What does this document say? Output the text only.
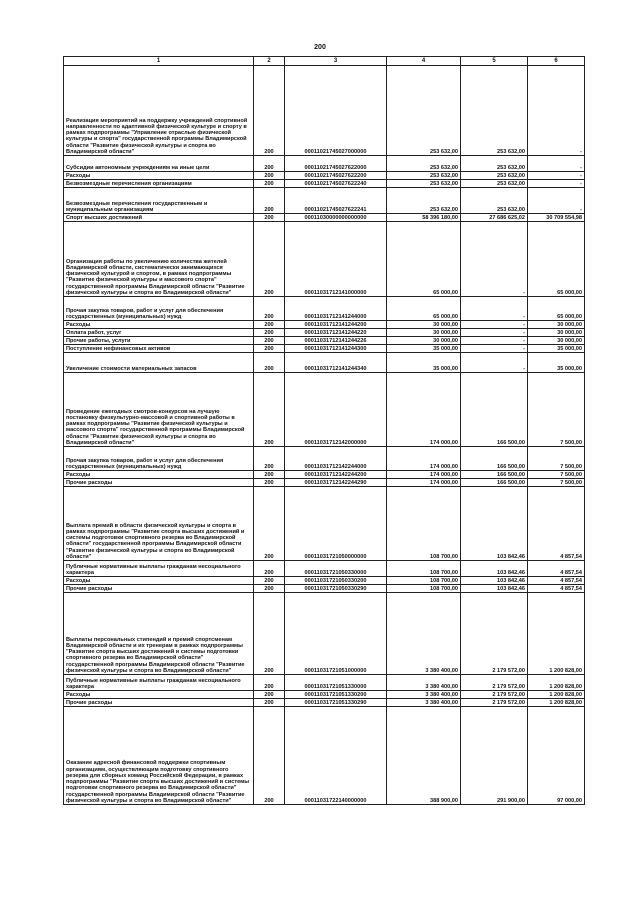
200
1	2	3	4	5	6
Реализация мероприятий на поддержку учреждений спортивной направленности по адаптивной физической культуре и спорту в рамках подпрограммы "Управление отраслью физической культуры и спорта" государственной программы Владимирской области "Развитие физической культуры и спорта во Владимирской области"	200	00011021745027000000	253 632,00	253 632,00	-
Субсидии автономным учреждениям на иные цели	200	00011021745027622000	253 632,00	253 632,00	-
Расходы	200	00011021745027622200	253 632,00	253 632,00	-
Безвозмездные перечисления организациям	200	00011021745027622240	253 632,00	253 632,00	-
Безвозмездные перечисления государственным и муниципальным организациям	200	00011021745027622241	253 632,00	253 632,00	-
Спорт высших достижений	200	00011030000000000000	58 396 180,00	27 686 625,02	30 709 554,98
Организация работы по увеличению количества жителей Владимирской области, систематически занимающихся физической культурой и спортом, в рамках подпрограммы "Развитие физической культуры и массового спорта" государственной программы Владимирской области "Развитие физической культуры и спорта во Владимирской области"	200	00011031712141000000	65 000,00	-	65 000,00
Прочая закупка товаров, работ и услуг для обеспечения государственных (муниципальных) нужд	200	00011031712141244000	65 000,00	-	65 000,00
Расходы	200	00011031712141244200	30 000,00	-	30 000,00
Оплата работ, услуг	200	00011031712141244220	30 000,00	-	30 000,00
Прочие работы, услуги	200	00011031712141244226	30 000,00	-	30 000,00
Поступление нефинансовых активов	200	00011031712141244300	35 000,00	-	35 000,00
Увеличение стоимости материальных запасов	200	00011031712141244340	35 000,00	-	35 000,00
Проведение ежегодных смотров-конкурсов на лучшую постановку физкультурно-массовой и спортивной работы в рамках подпрограммы "Развитие физической культуры и массового спорта" государственной программы Владимирской области "Развитие физической культуры и спорта во Владимирской области"	200	00011031712142000000	174 000,00	166 500,00	7 500,00
Прочая закупка товаров, работ и услуг для обеспечения государственных (муниципальных) нужд	200	00011031712142244000	174 000,00	166 500,00	7 500,00
Расходы	200	00011031712142244200	174 000,00	166 500,00	7 500,00
Прочие расходы	200	00011031712142244290	174 000,00	166 500,00	7 500,00
Выплата премий в области физической культуры и спорта в рамках подпрограммы "Развитие спорта высших достижений и системы подготовки спортивного резерва во Владимирской области" государственной программы Владимирской области "Развитие физической культуры и спорта во Владимирской области"	200	00011031721050000000	108 700,00	103 842,46	4 857,54
Публичные нормативные выплаты гражданам несоциального характера	200	00011031721050330000	108 700,00	103 842,46	4 857,54
Расходы	200	00011031721050330200	108 700,00	103 842,46	4 857,54
Прочие расходы	200	00011031721050330290	108 700,00	103 842,46	4 857,54
Выплаты персональных стипендий и премий спортсменам Владимирской области и их тренерам в рамках подпрограммы "Развитие спорта высших достижений и системы подготовки спортивного резерва во Владимирской области" государственной программы Владимирской области "Развитие физической культуры и спорта во Владимирской области"	200	00011031721051000000	3 380 400,00	2 179 572,00	1 200 828,00
Публичные нормативные выплаты гражданам несоциального характера	200	00011031721051330000	3 380 400,00	2 179 572,00	1 200 828,00
Расходы	200	00011031721051330200	3 380 400,00	2 179 572,00	1 200 828,00
Прочие расходы	200	00011031721051330290	3 380 400,00	2 179 572,00	1 200 828,00
Оказание адресной финансовой поддержки спортивным организациям, осуществляющим подготовку спортивного резерва для сборных команд Российской Федерации, в рамках подпрограммы "Развитие спорта высших достижений и системы подготовки спортивного резерва во Владимирской области" государственной программы Владимирской области "Развитие физической культуры и спорта во Владимирской области"	200	00011031722140000000	388 900,00	291 900,00	97 000,00
